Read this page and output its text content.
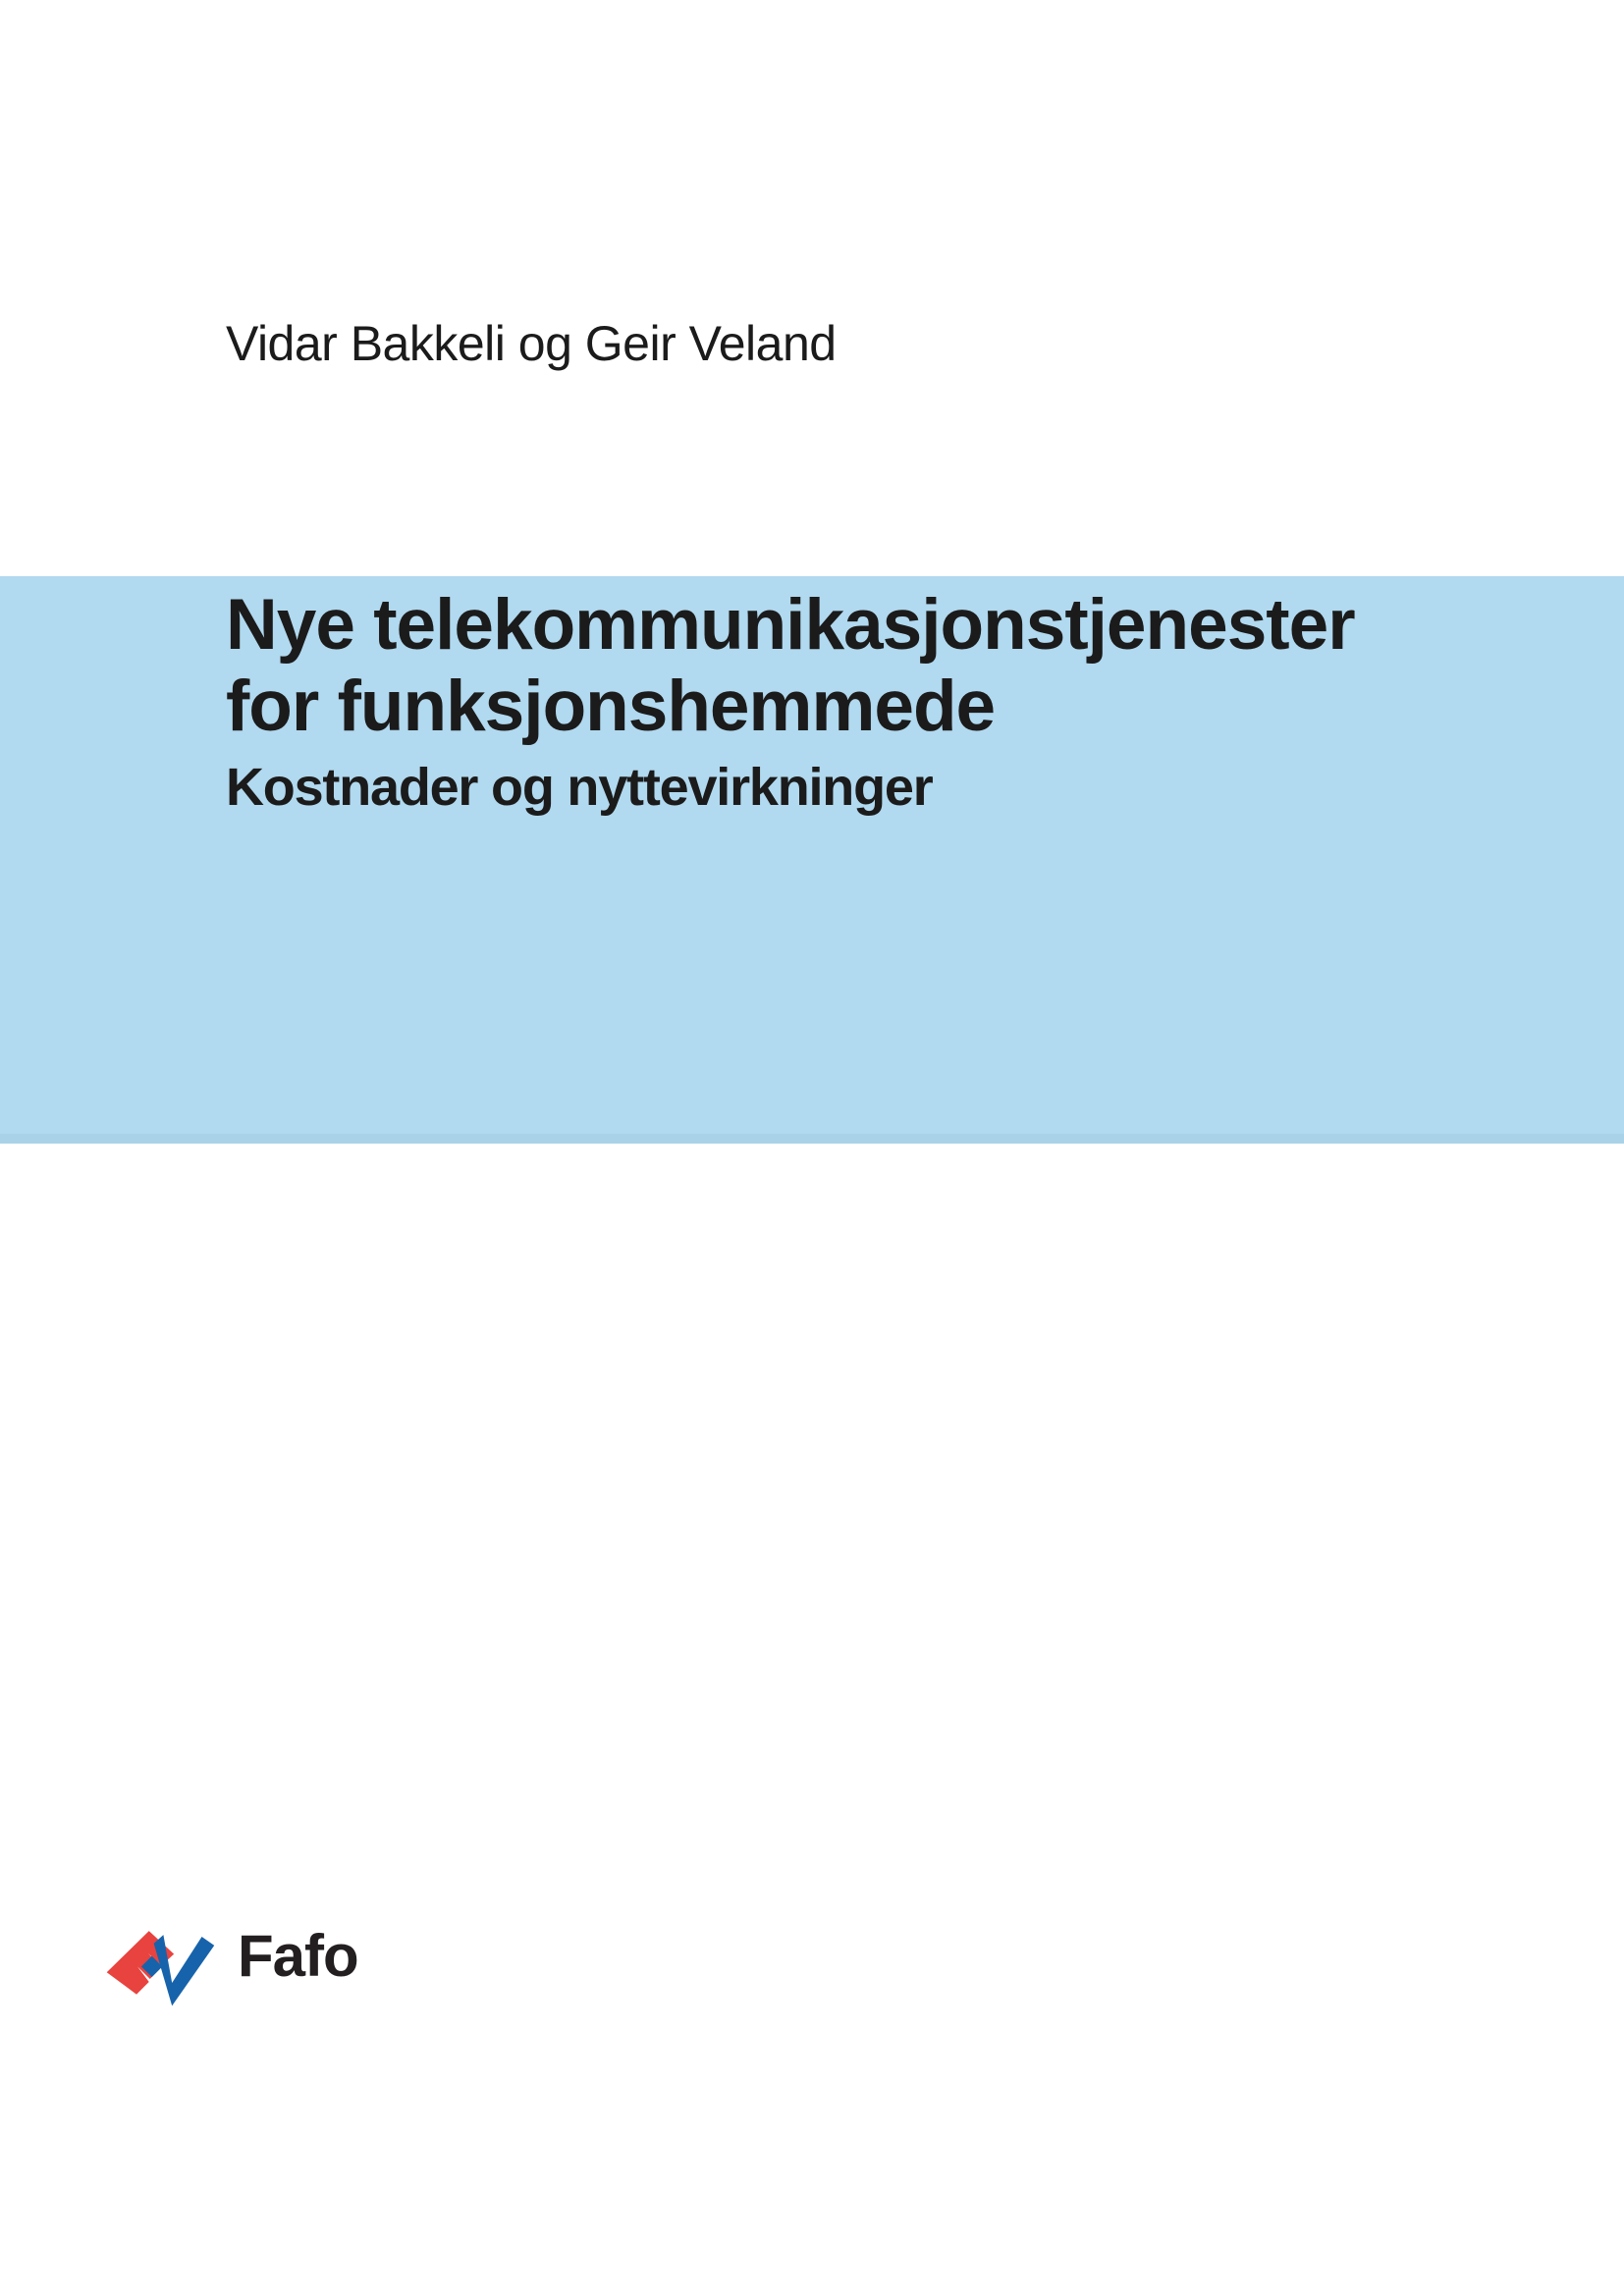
Vidar Bakkeli og Geir Veland
Nye telekommunikasjonstjenester
for funksjonshemmede
Kostnader og nyttevirkninger
Fafo
